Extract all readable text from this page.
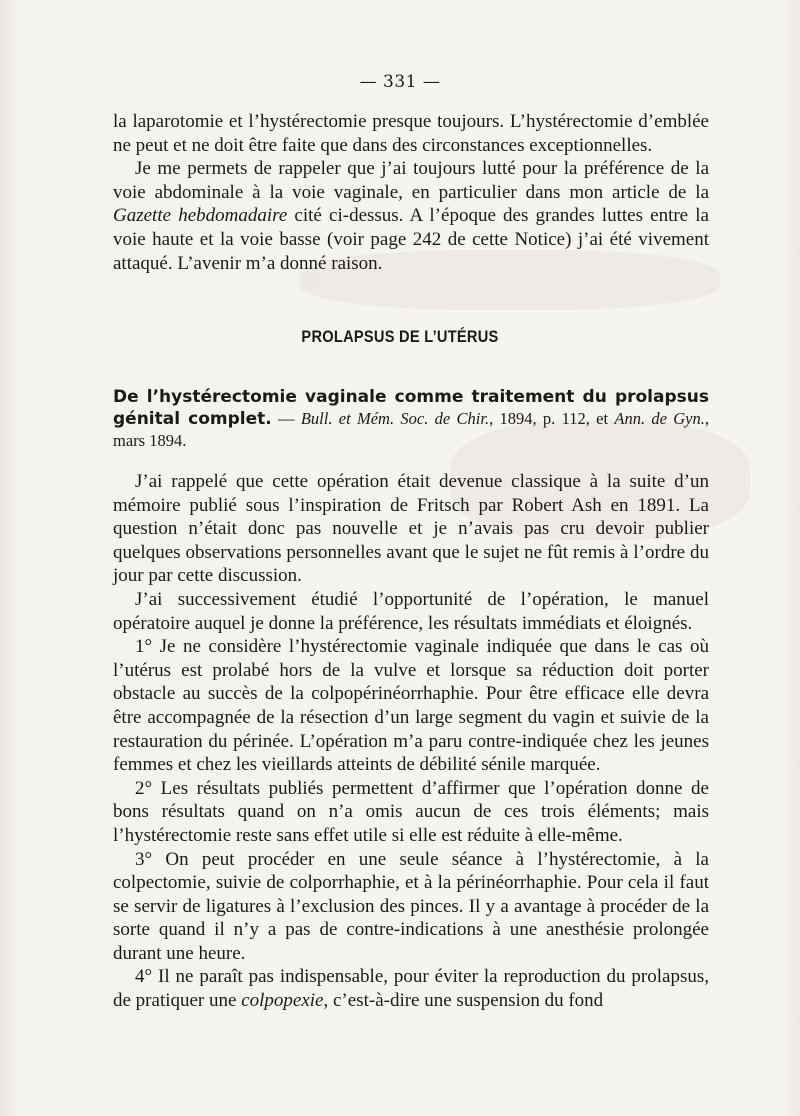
— 331 —

la laparotomie et l’hystérectomie presque toujours. L’hystérectomie d’emblée ne peut et ne doit être faite que dans des circonstances exceptionnelles.

Je me permets de rappeler que j’ai toujours lutté pour la préférence de la voie abdominale à la voie vaginale, en particulier dans mon article de la Gazette hebdomadaire cité ci-dessus. A l’époque des grandes luttes entre la voie haute et la voie basse (voir page 242 de cette Notice) j’ai été vivement attaqué. L’avenir m’a donné raison.

PROLAPSUS DE L’UTÉRUS
De l’hystérectomie vaginale comme traitement du prolapsus génital complet. — Bull. et Mém. Soc. de Chir., 1894, p. 112, et Ann. de Gyn., mars 1894.

J’ai rappelé que cette opération était devenue classique à la suite d’un mémoire publié sous l’inspiration de Fritsch par Robert Ash en 1891. La question n’était donc pas nouvelle et je n’avais pas cru devoir publier quelques observations personnelles avant que le sujet ne fût remis à l’ordre du jour par cette discussion.

J’ai successivement étudié l’opportunité de l’opération, le manuel opératoire auquel je donne la préférence, les résultats immédiats et éloignés.

1° Je ne considère l’hystérectomie vaginale indiquée que dans le cas où l’utérus est prolabé hors de la vulve et lorsque sa réduction doit porter obstacle au succès de la colpopérinéorrhaphie. Pour être efficace elle devra être accompagnée de la résection d’un large segment du vagin et suivie de la restauration du périnée. L’opération m’a paru contre-indiquée chez les jeunes femmes et chez les vieillards atteints de débilité sénile marquée.

2° Les résultats publiés permettent d’affirmer que l’opération donne de bons résultats quand on n’a omis aucun de ces trois éléments; mais l’hystérectomie reste sans effet utile si elle est réduite à elle-même.

3° On peut procéder en une seule séance à l’hystérectomie, à la colpectomie, suivie de colporrhaphie, et à la périnéorrhaphie. Pour cela il faut se servir de ligatures à l’exclusion des pinces. Il y a avantage à procéder de la sorte quand il n’y a pas de contre-indications à une anesthésie prolongée durant une heure.

4° Il ne paraît pas indispensable, pour éviter la reproduction du prolapsus, de pratiquer une colpopexie, c’est-à-dire une suspension du fond
